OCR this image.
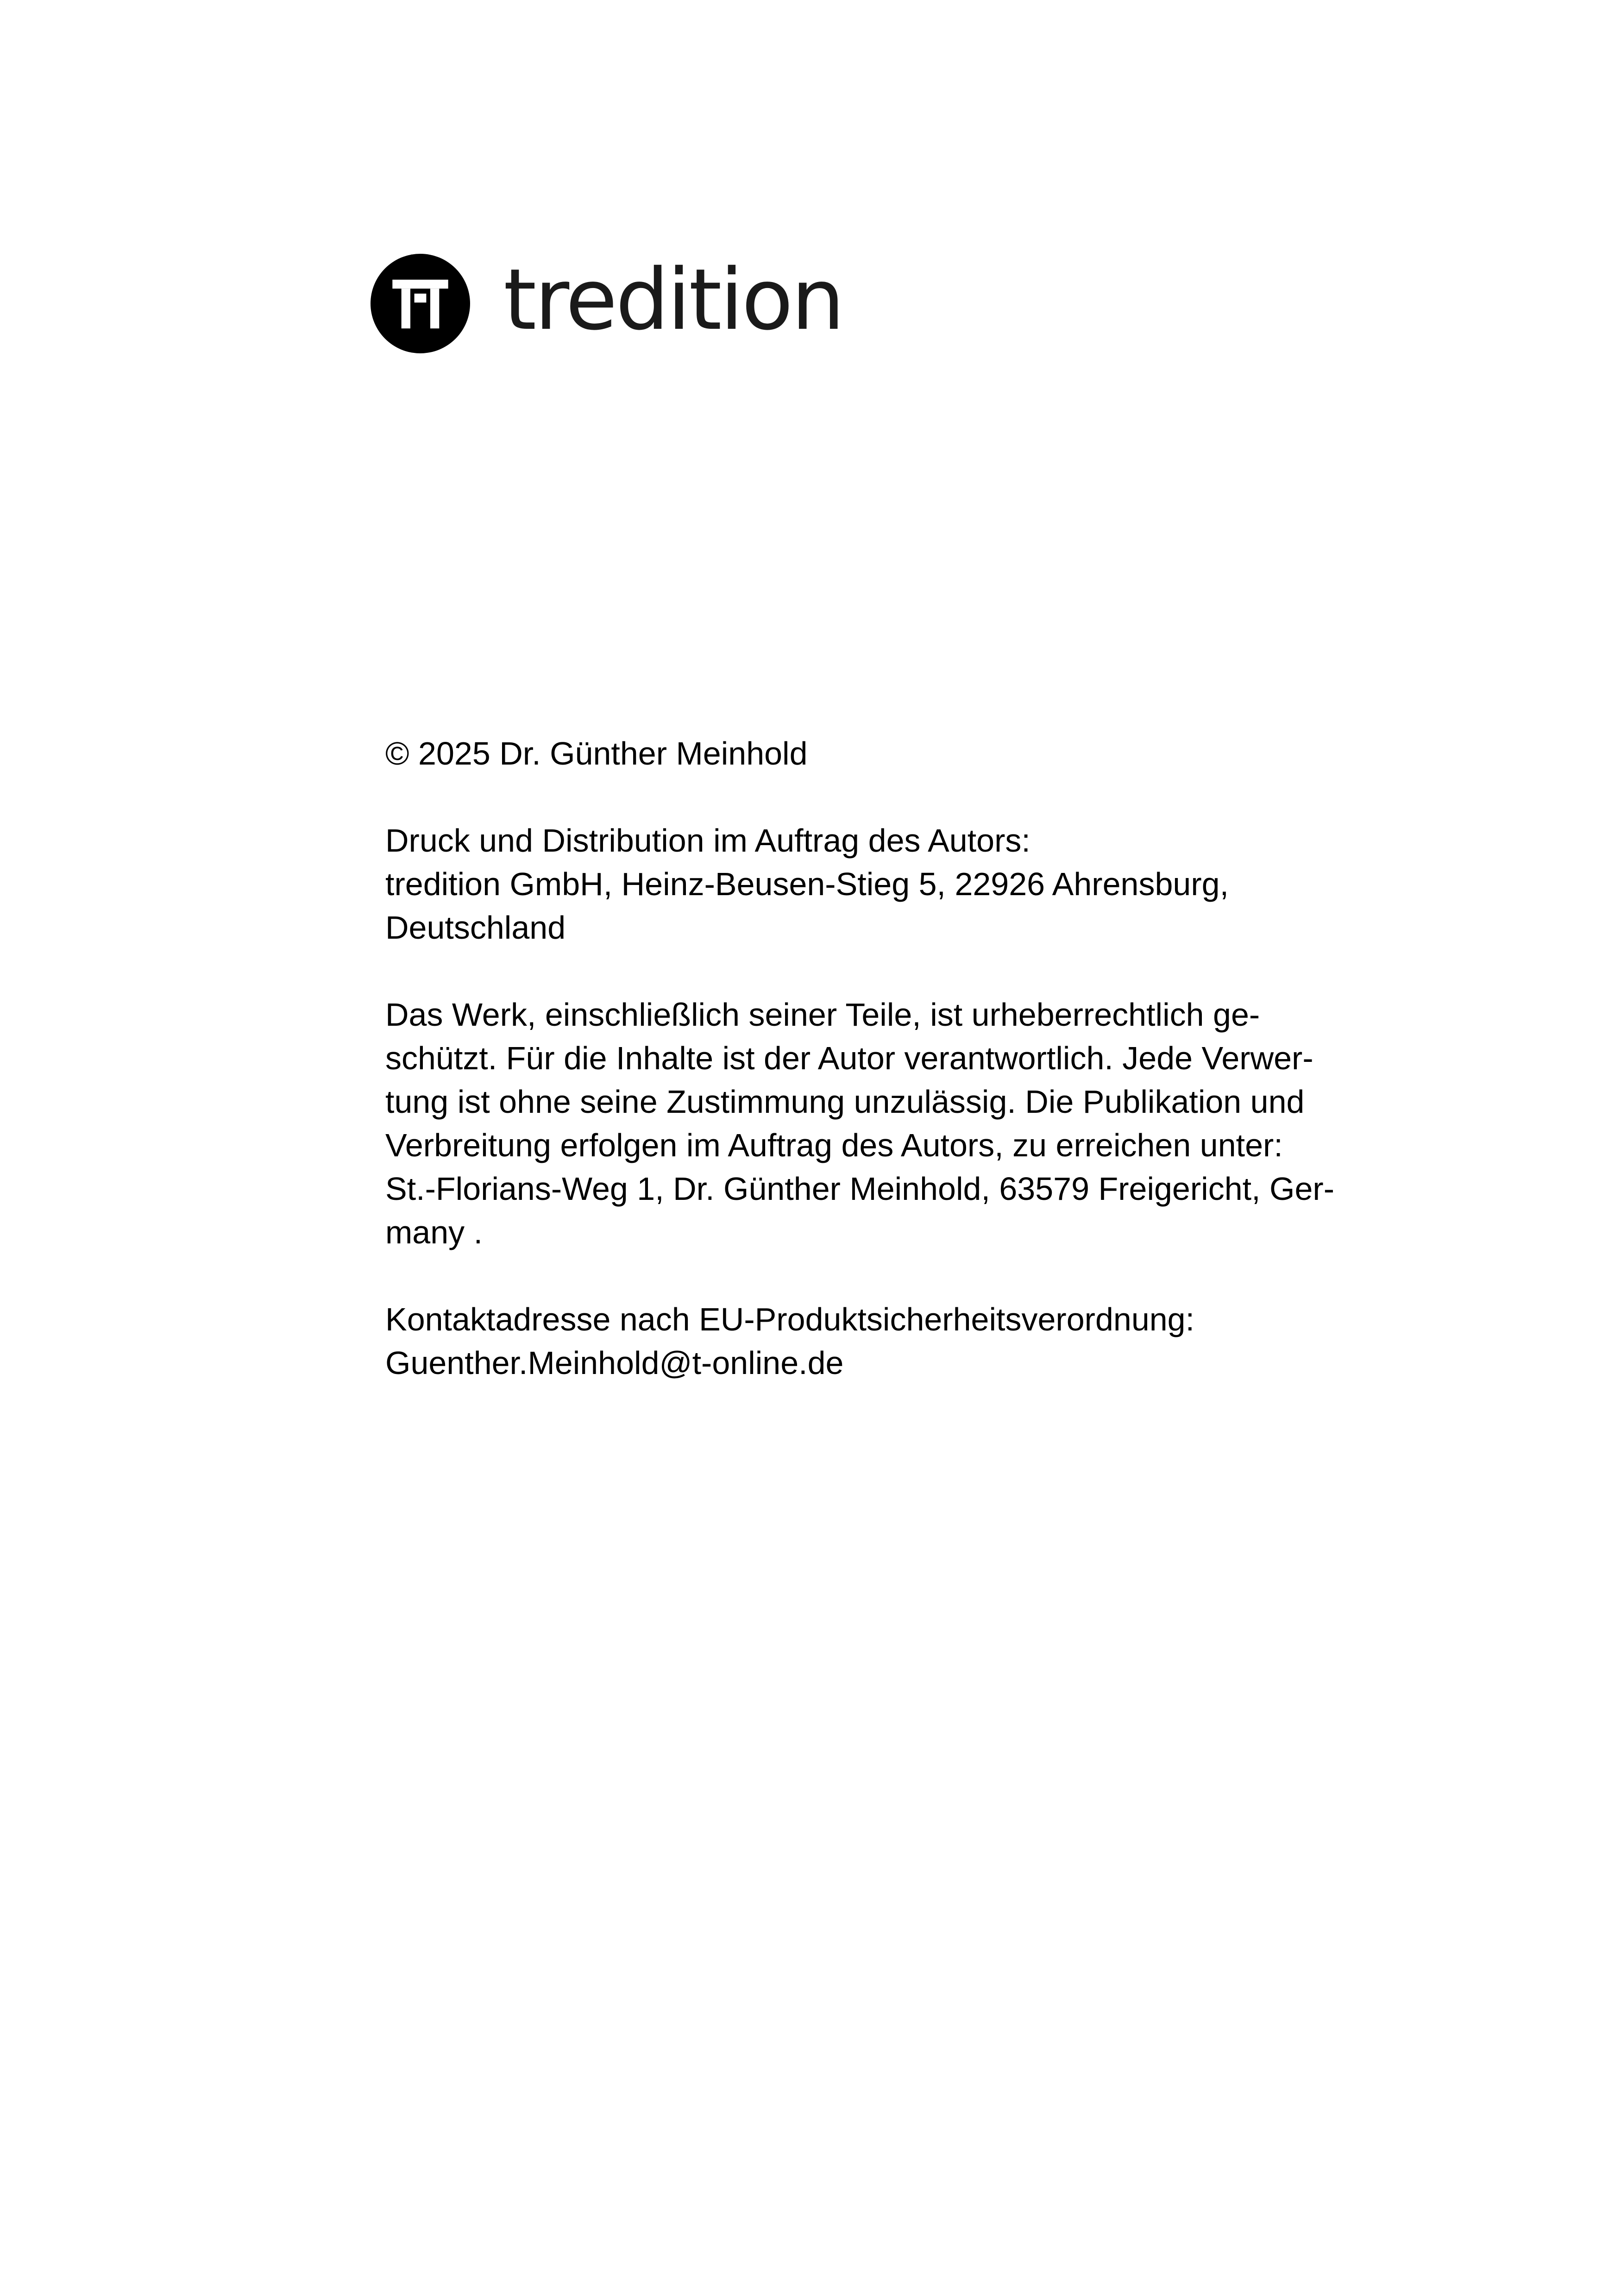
tredition

© 2025 Dr. Günther Meinhold

Druck und Distribution im Auftrag des Autors:

tredition GmbH, Heinz-Beusen-Stieg 5, 22926 Ahrensburg,

Deutschland

Das Werk, einschließlich seiner Teile, ist urheberrechtlich ge-

schützt. Für die Inhalte ist der Autor verantwortlich. Jede Verwer-

tung ist ohne seine Zustimmung unzulässig. Die Publikation und

Verbreitung erfolgen im Auftrag des Autors, zu erreichen unter:

St.-Florians-Weg 1, Dr. Günther Meinhold, 63579 Freigericht, Ger-

many .

Kontaktadresse nach EU-Produktsicherheitsverordnung:

Guenther.Meinhold@t-online.de
